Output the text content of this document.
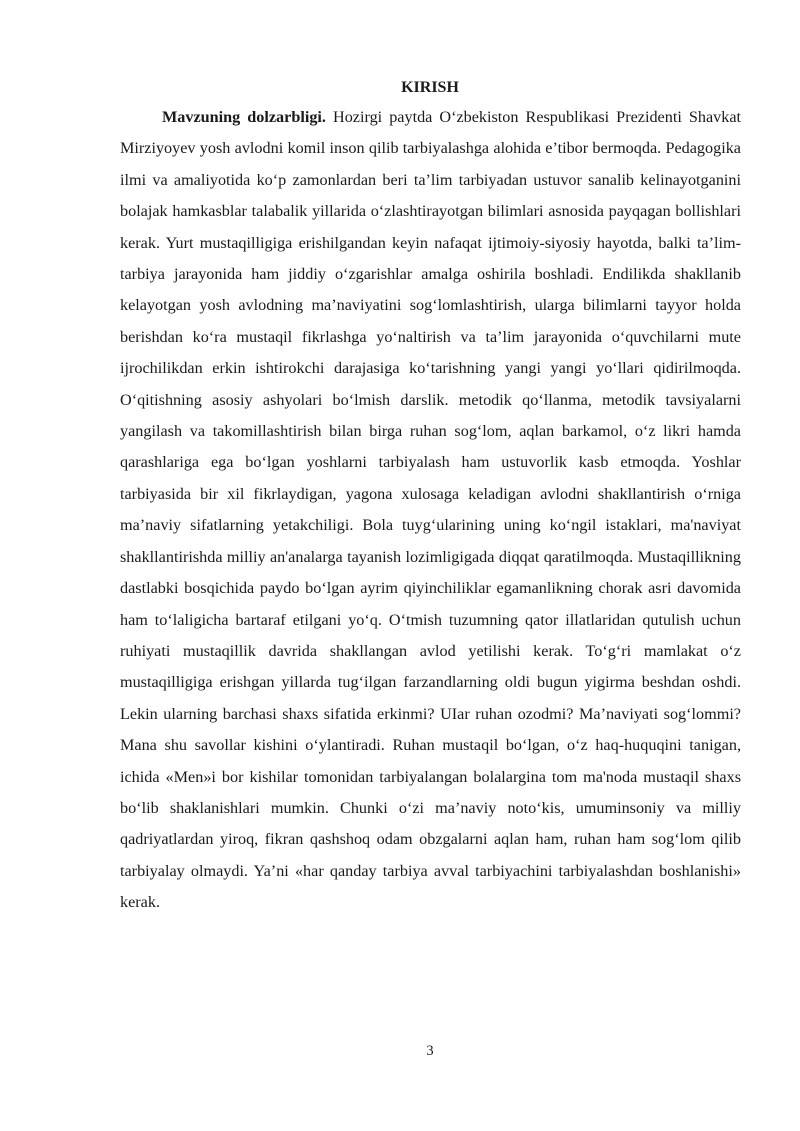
KIRISH

Mavzuning dolzarbligi. Hozirgi paytda O‘zbekiston Respublikasi Prezidenti Shavkat Mirziyoyev yosh avlodni komil inson qilib tarbiyalashga alohida e’tibor bermoqda. Pedagogika ilmi va amaliyotida ko‘p zamonlardan beri ta’lim tarbiyadan ustuvor sanalib kelinayotganini bolajak hamkasblar talabalik yillarida o‘zlashtirayotgan bilimlari asnosida payqagan bollishlari kerak. Yurt mustaqilligiga erishilgandan keyin nafaqat ijtimoiy-siyosiy hayotda, balki ta’lim-tarbiya jarayonida ham jiddiy o‘zgarishlar amalga oshirila boshladi. Endilikda shakllanib kelayotgan yosh avlodning ma’naviyatini sog‘lomlashtirish, ularga bilimlarni tayyor holda berishdan ko‘ra mustaqil fikrlashga yo‘naltirish va ta’lim jarayonida o‘quvchilarni mute ijrochilikdan erkin ishtirokchi darajasiga ko‘tarishning yangi yangi yo‘llari qidirilmoqda. O‘qitishning asosiy ashyolari bo‘lmish darslik. metodik qo‘llanma, metodik tavsiyalarni yangilash va takomillashtirish bilan birga ruhan sog‘lom, aqlan barkamol, o‘z likri hamda qarashlariga ega bo‘lgan yoshlarni tarbiyalash ham ustuvorlik kasb etmoqda. Yoshlar tarbiyasida bir xil fikrlaydigan, yagona xulosaga keladigan avlodni shakllantirish o‘rniga ma’naviy sifatlarning yetakchiligi. Bola tuyg‘ularining uning ko‘ngil istaklari, ma'naviyat shakllantirishda milliy an'analarga tayanish lozimligigada diqqat qaratilmoqda. Mustaqillikning dastlabki bosqichida paydo bo‘lgan ayrim qiyinchiliklar egamanlikning chorak asri davomida ham to‘laligicha bartaraf etilgani yo‘q. O‘tmish tuzumning qator illatlaridan qutulish uchun ruhiyati mustaqillik davrida shakllangan avlod yetilishi kerak. To‘g‘ri mamlakat o‘z mustaqilligiga erishgan yillarda tug‘ilgan farzandlarning oldi bugun yigirma beshdan oshdi. Lekin ularning barchasi shaxs sifatida erkinmi? UIar ruhan ozodmi? Ma’naviyati sog‘lommi? Mana shu savollar kishini o‘ylantiradi. Ruhan mustaqil bo‘lgan, o‘z haq-huquqini tanigan, ichida «Men»i bor kishilar tomonidan tarbiyalangan bolalargina tom ma'noda mustaqil shaxs bo‘lib shaklanishlari mumkin. Chunki o‘zi ma’naviy noto‘kis, umuminsoniy va milliy qadriyatlardan yiroq, fikran qashshoq odam obzgalarni aqlan ham, ruhan ham sog‘lom qilib tarbiyalay olmaydi. Ya’ni «har qanday tarbiya avval tarbiyachini tarbiyalashdan boshlanishi» kerak.

3
